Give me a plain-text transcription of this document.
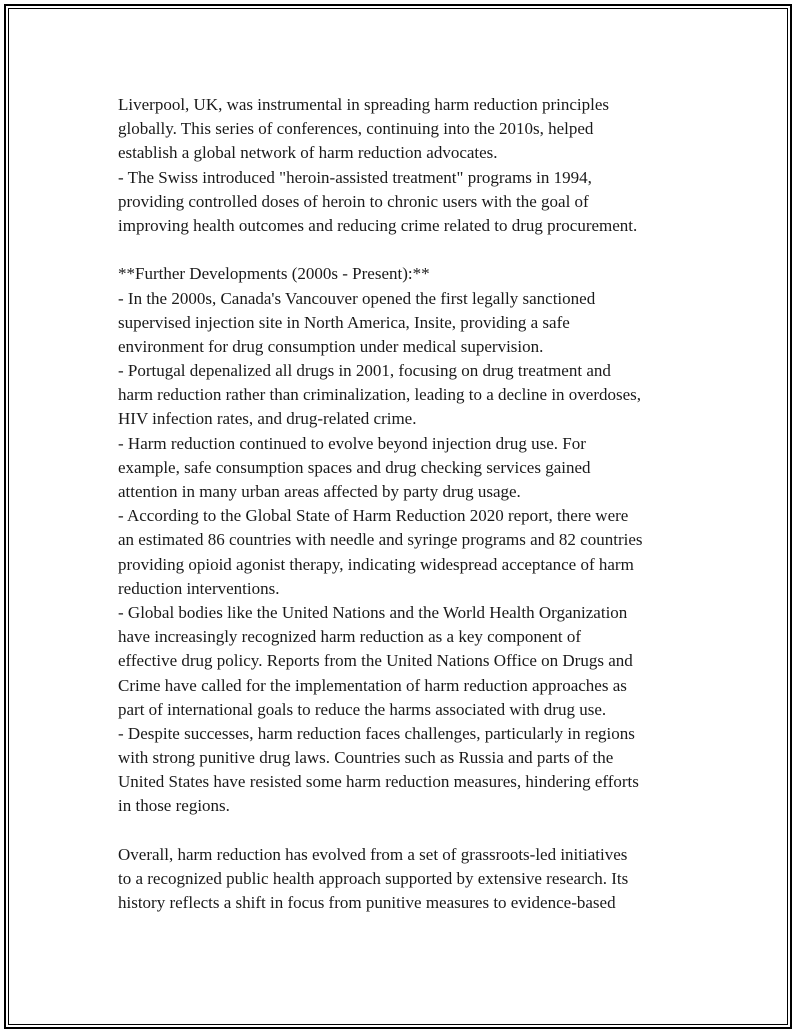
Liverpool, UK, was instrumental in spreading harm reduction principles
globally. This series of conferences, continuing into the 2010s, helped
establish a global network of harm reduction advocates.
- The Swiss introduced "heroin-assisted treatment" programs in 1994,
providing controlled doses of heroin to chronic users with the goal of
improving health outcomes and reducing crime related to drug procurement.
**Further Developments (2000s - Present):**
- In the 2000s, Canada's Vancouver opened the first legally sanctioned
supervised injection site in North America, Insite, providing a safe
environment for drug consumption under medical supervision.
- Portugal depenalized all drugs in 2001, focusing on drug treatment and
harm reduction rather than criminalization, leading to a decline in overdoses,
HIV infection rates, and drug-related crime.
- Harm reduction continued to evolve beyond injection drug use. For
example, safe consumption spaces and drug checking services gained
attention in many urban areas affected by party drug usage.
- According to the Global State of Harm Reduction 2020 report, there were
an estimated 86 countries with needle and syringe programs and 82 countries
providing opioid agonist therapy, indicating widespread acceptance of harm
reduction interventions.
- Global bodies like the United Nations and the World Health Organization
have increasingly recognized harm reduction as a key component of
effective drug policy. Reports from the United Nations Office on Drugs and
Crime have called for the implementation of harm reduction approaches as
part of international goals to reduce the harms associated with drug use.
- Despite successes, harm reduction faces challenges, particularly in regions
with strong punitive drug laws. Countries such as Russia and parts of the
United States have resisted some harm reduction measures, hindering efforts
in those regions.
Overall, harm reduction has evolved from a set of grassroots-led initiatives
to a recognized public health approach supported by extensive research. Its
history reflects a shift in focus from punitive measures to evidence-based
